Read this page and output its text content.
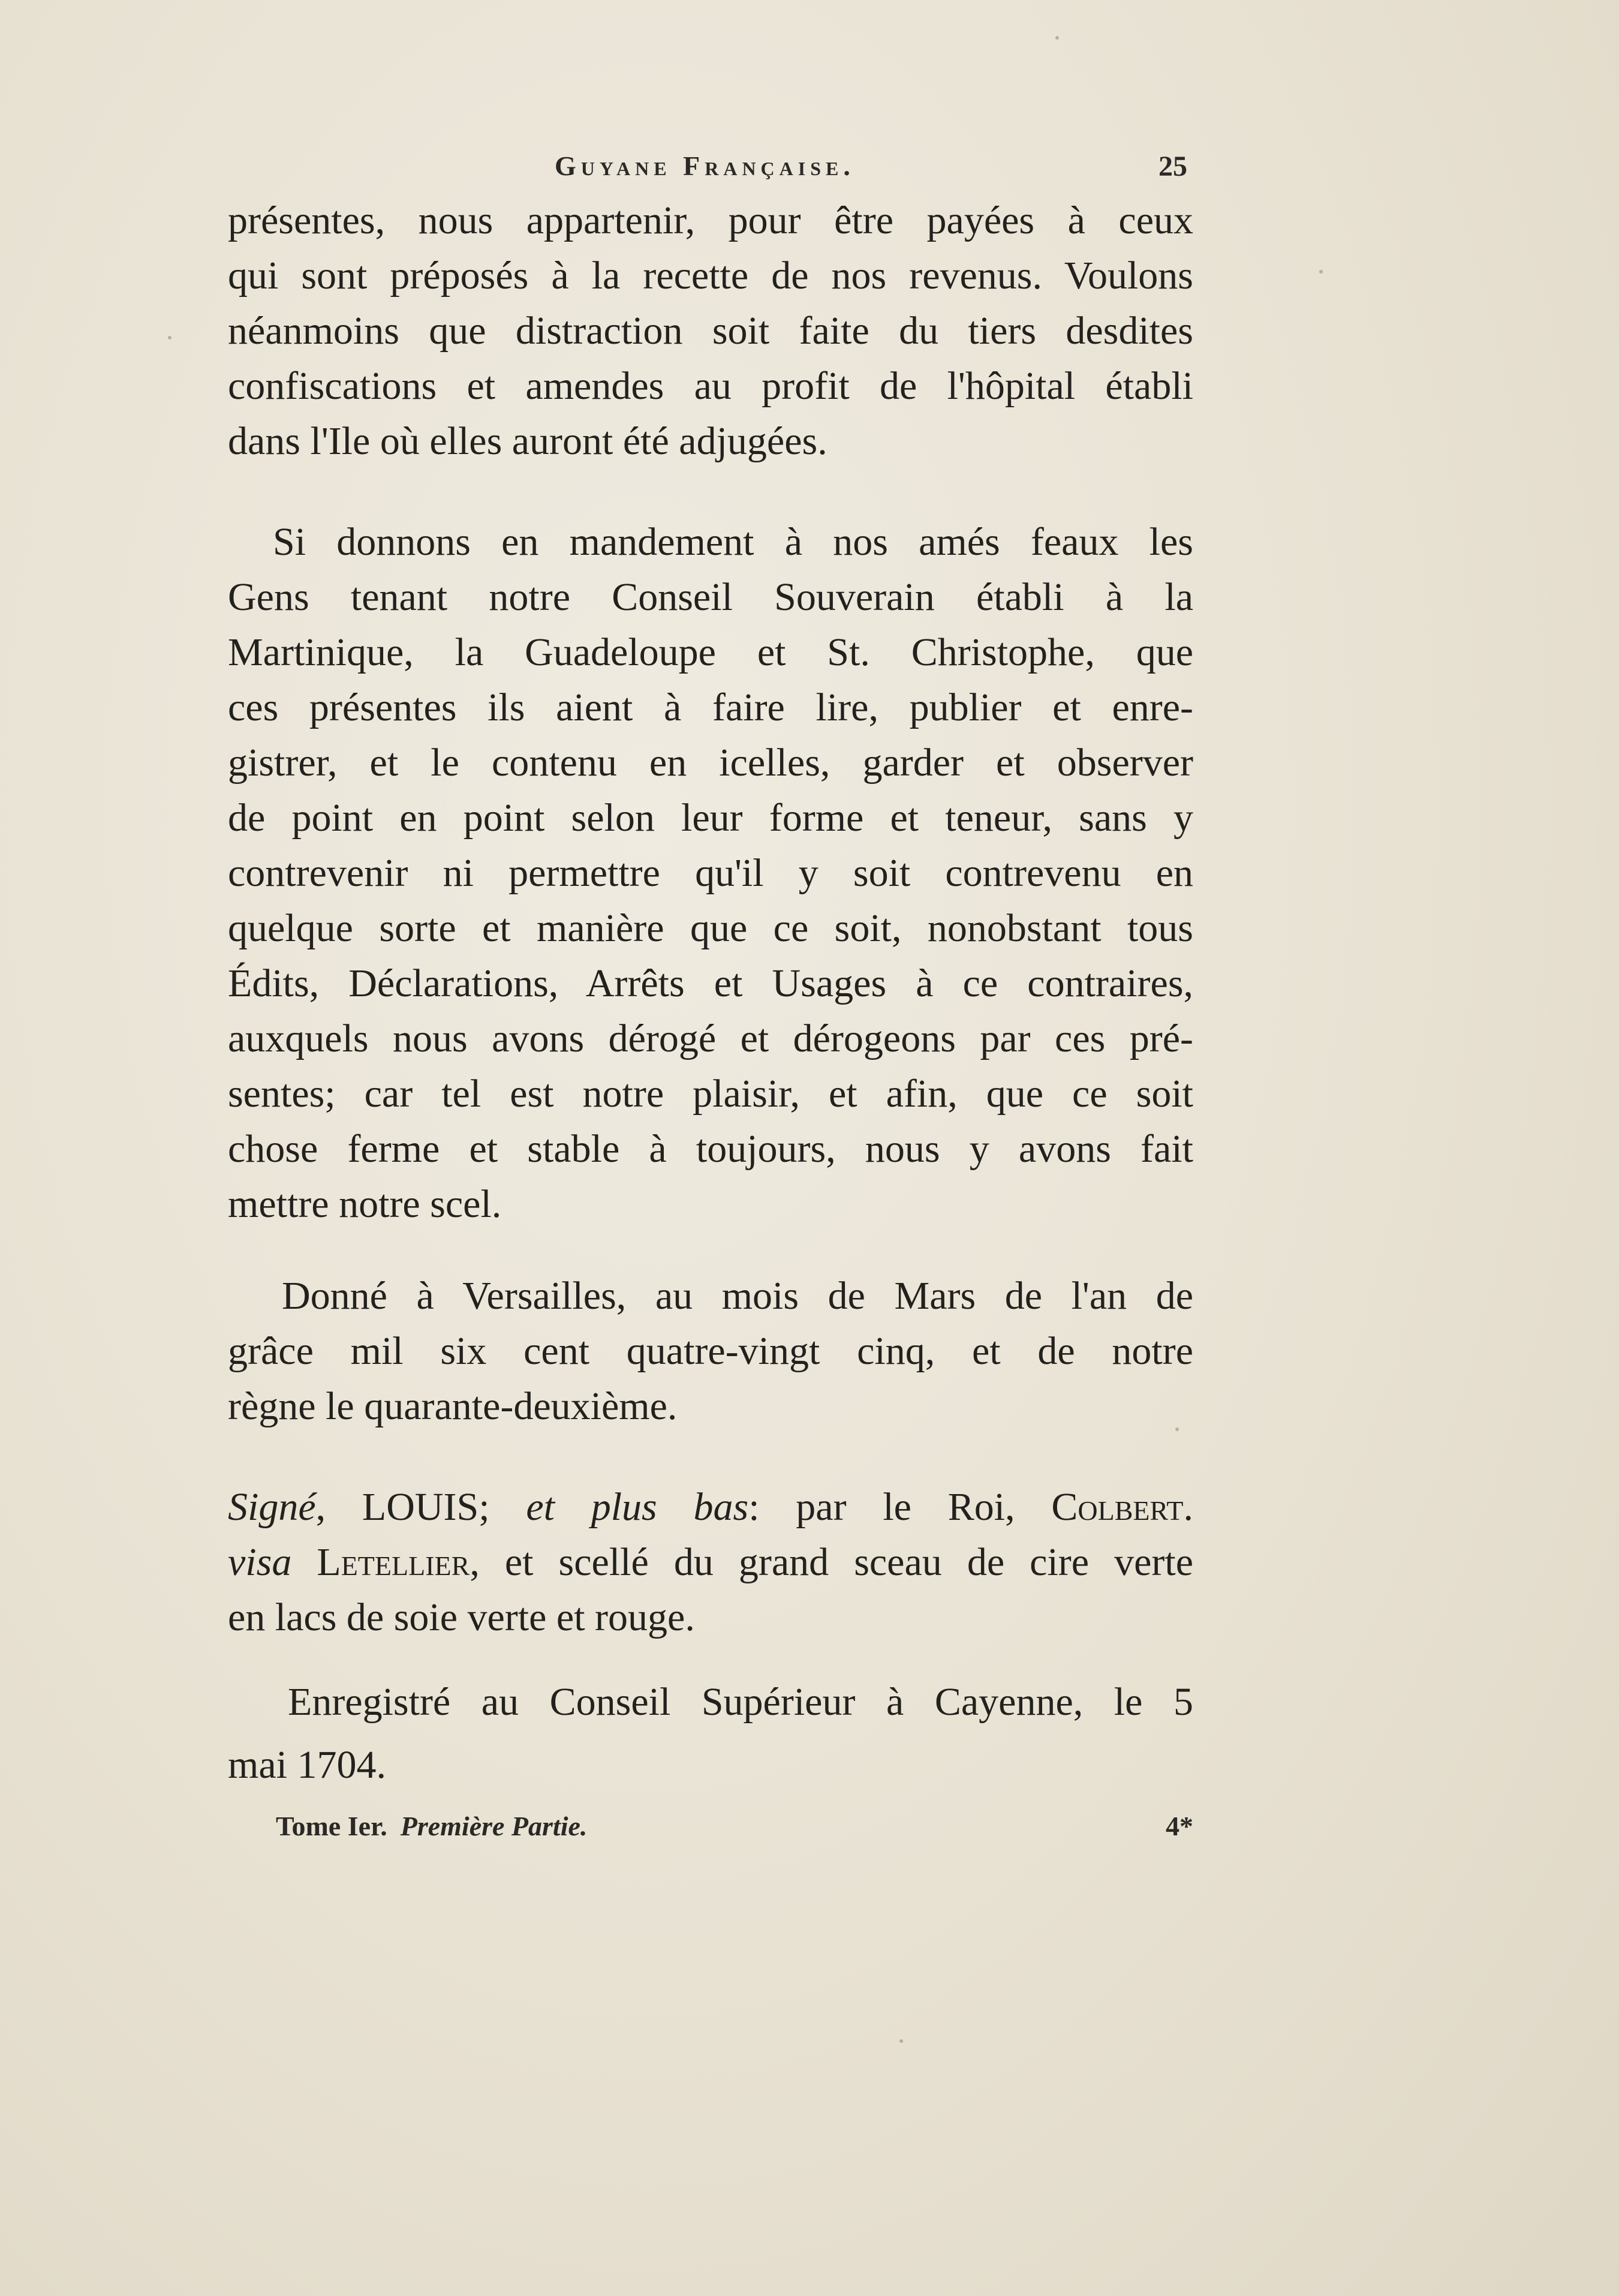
Guyane Française.	25
présentes, nous appartenir, pour être payées à ceux
qui sont préposés à la recette de nos revenus. Voulons
néanmoins que distraction soit faite du tiers desdites
confiscations et amendes au profit de l'hôpital établi
dans l'Ile où elles auront été adjugées.
Si donnons en mandement à nos amés feaux les
Gens tenant notre Conseil Souverain établi à la
Martinique, la Guadeloupe et St. Christophe, que
ces présentes ils aient à faire lire, publier et enre-
gistrer, et le contenu en icelles, garder et observer
de point en point selon leur forme et teneur, sans y
contrevenir ni permettre qu'il y soit contrevenu en
quelque sorte et manière que ce soit, nonobstant tous
Édits, Déclarations, Arrêts et Usages à ce contraires,
auxquels nous avons dérogé et dérogeons par ces pré-
sentes; car tel est notre plaisir, et afin, que ce soit
chose ferme et stable à toujours, nous y avons fait
mettre notre scel.
Donné à Versailles, au mois de Mars de l'an de
grâce mil six cent quatre-vingt cinq, et de notre
règne le quarante-deuxième.
Signé, LOUIS; et plus bas: par le Roi, Colbert.
visa Letellier, et scellé du grand sceau de cire verte
en lacs de soie verte et rouge.
Enregistré au Conseil Supérieur à Cayenne, le 5
mai 1704.
Tome Ier. Première Partie.	4*
